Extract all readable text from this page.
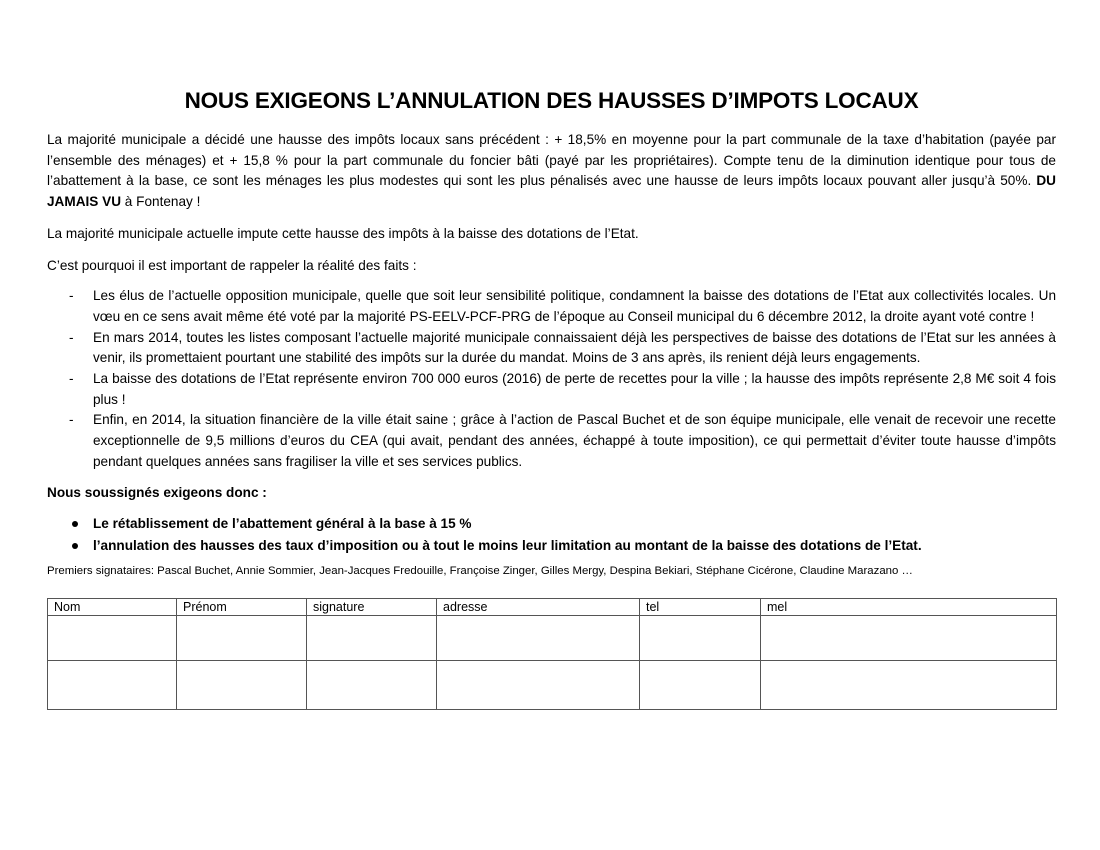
NOUS EXIGEONS L’ANNULATION DES HAUSSES D’IMPOTS LOCAUX

La majorité municipale a décidé une hausse des impôts locaux sans précédent : + 18,5% en moyenne pour la part communale de la taxe d’habitation (payée par l’ensemble des ménages) et + 15,8 % pour la part communale du foncier bâti (payé par les propriétaires). Compte tenu de la diminution identique pour tous de l’abattement à la base, ce sont les ménages les plus modestes qui sont les plus pénalisés avec une hausse de leurs impôts locaux pouvant aller jusqu’à 50%. DU JAMAIS VU à Fontenay !

La majorité municipale actuelle impute cette hausse des impôts à la baisse des dotations de l’Etat.

C’est pourquoi il est important de rappeler la réalité des faits :

- Les élus de l’actuelle opposition municipale, quelle que soit leur sensibilité politique, condamnent la baisse des dotations de l’Etat aux collectivités locales. Un vœu en ce sens avait même été voté par la majorité PS-EELV-PCF-PRG de l’époque au Conseil municipal du 6 décembre 2012, la droite ayant voté contre !
- En mars 2014, toutes les listes composant l’actuelle majorité municipale connaissaient déjà les perspectives de baisse des dotations de l’Etat sur les années à venir, ils promettaient pourtant une stabilité des impôts sur la durée du mandat. Moins de 3 ans après, ils renient déjà leurs engagements.
- La baisse des dotations de l’Etat représente environ 700 000 euros (2016) de perte de recettes pour la ville ; la hausse des impôts représente 2,8 M€ soit 4 fois plus !
- Enfin, en 2014, la situation financière de la ville était saine ; grâce à l’action de Pascal Buchet et de son équipe municipale, elle venait de recevoir une recette exceptionnelle de 9,5 millions d’euros du CEA (qui avait, pendant des années, échappé à toute imposition), ce qui permettait d’éviter toute hausse d’impôts pendant quelques années sans fragiliser la ville et ses services publics.

Nous soussignés exigeons donc :

Le rétablissement de l’abattement général à la base à 15 %
l’annulation des hausses des taux d’imposition ou à tout le moins leur limitation au montant de la baisse des dotations de l’Etat.

Premiers signataires: Pascal Buchet, Annie Sommier, Jean-Jacques Fredouille, Françoise Zinger, Gilles Mergy, Despina Bekiari, Stéphane Cicérone, Claudine Marazano …

Nom	Prénom	signature	adresse	tel	mel
